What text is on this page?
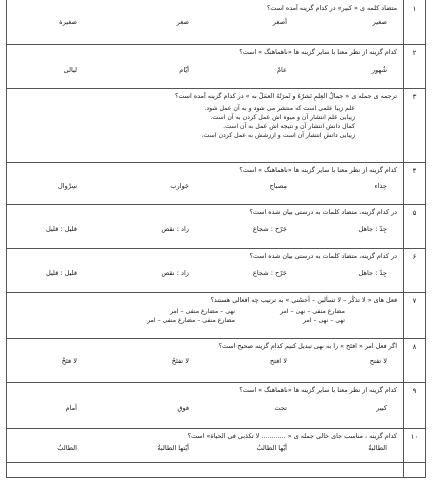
۱
متضاد کلمه ی « کبیر» در کدام گزینه آمده است؟
صغیر
أصغر
صغر
صغیرة
۲
کدام گزینه از نظر معنا با سایر گزینه ها «ناهماهنگ » است؟
شُهور
عامٌ
أیّام
لیالی
۳
ترجمه ی جمله ی « جمالُ العِلمِ نَشرُهُ و ثَمرَتُهُ العمَلُ به » در کدام گزینه آمده است؟
علم زیبا علمی است که منتشر می شود و به آن عمل شود.
زیبایی علم انتشار آن و میوه اش عمل کردن به آن است.
کمال دانش انتشار آن و نتیجه اش عمل به آن است.
زیبایی دانش انتشار آن است و ارزشش به عمل کردن است.
۴
کدام گزینه از نظر معنا با سایر گزینه ها «ناهماهنگ » است؟
حِذاء
مِصباح
جَوارب
سِرْوال
۵
در کدام گزینه، متضاد کلمات به درستی بیان شده است؟
جِدّ : جاهل
جَرّح : شجاع
زاد : نقص
قلیل : قلیل
۶
در کدام گزینه، متضاد کلمات به درستی بیان شده است؟
جِدّ : جاهل
جَرّح : شجاع
زاد : نقص
قلیل : قلیل
۷
فعل های « لا تذکُر – لا تسألین – أحسُنی » به ترتیب چه افعالی هستند؟
مضارع منفی – نهی – امر
نهی – مضارع منفی – امر
نهی – نهی – امر
مضارع منفی – مضارع منفی – امر
۸
اگر فعل امر « افتَح » را به نهی تبدیل کنیم کدام گزینه صحیح است؟
لا تفتح
لا افتح
لا تفتَحُ
لا فتَحْ
۹
کدام گزینه از نظر معنا با سایر گزینه ها «ناهماهنگ » است؟
کبیر
تحت
فوق
أمام
۱۰
کدام گزینه ، مناسب جای خالی جمله ی « ............ لا تکذبی فی الحیاة» است؟
الطالبةُ
أیّها الطالبُ
أیّتها الطالبةُ
الطالبُ
